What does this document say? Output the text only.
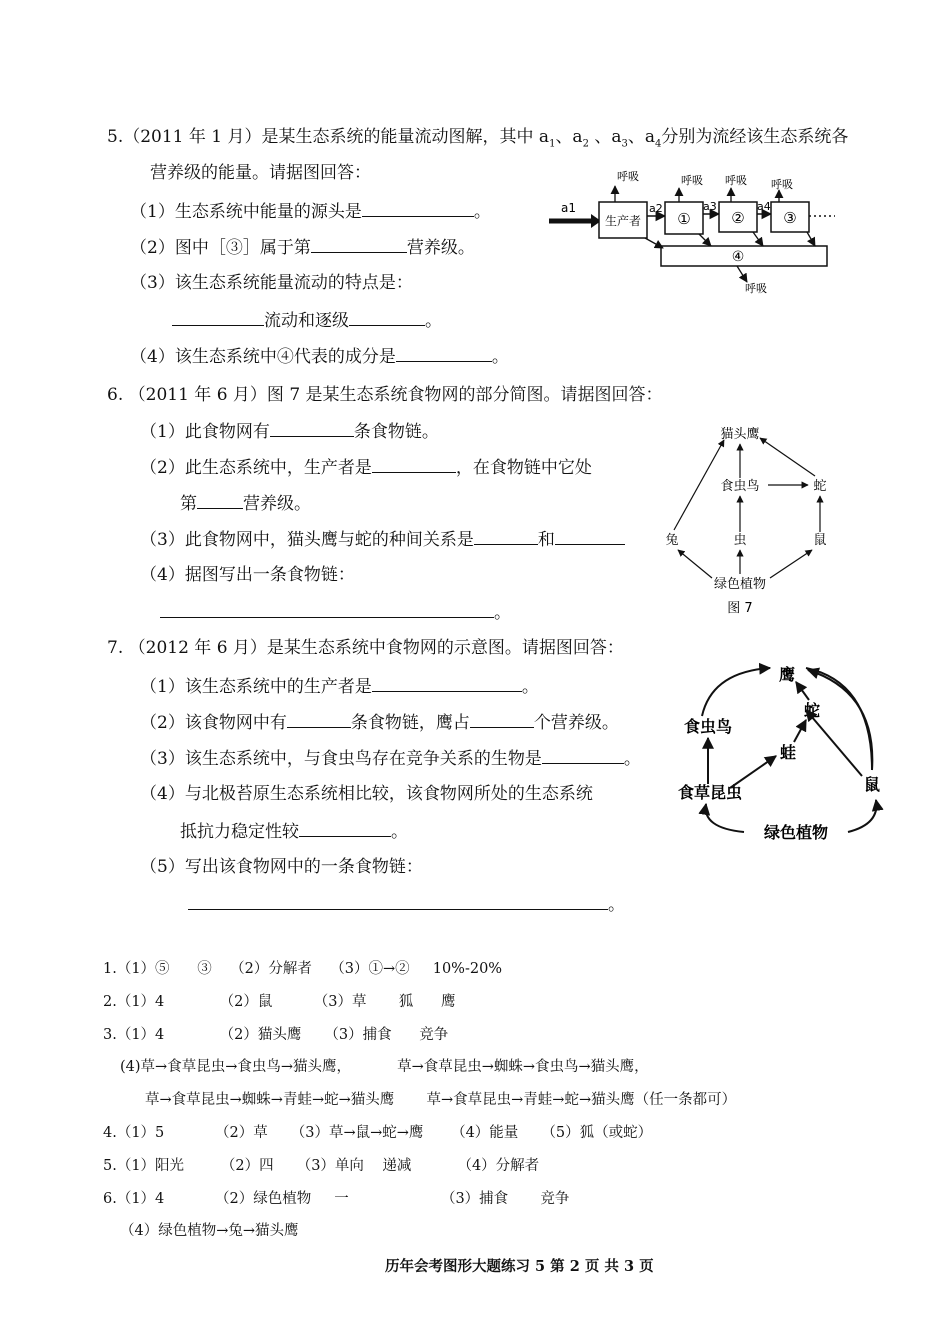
5.（2011 年 1 月）是某生态系统的能量流动图解，其中 $a_1$、$a_2$ 、$a_3$、$a_4$分别为流经该生态系统各
营养级的能量。请据图回答：
（1）生态系统中能量的源头是	。
（2）图中［③］属于第	营养级。
（3）该生态系统能量流动的特点是：
流动和逐级	。
（4）该生态系统中④代表的成分是	。
a1
生产者
a2
①
a3
②
a4
③
呼吸	呼吸 呼吸 呼吸
④
呼吸
6. （2011 年 6 月）图 7 是某生态系统食物网的部分简图。请据图回答：
（1）此食物网有	条食物链。
（2）此生态系统中，生产者是	，在食物链中它处
第	营养级。
（3）此食物网中，猫头鹰与蛇的种间关系是	和
（4）据图写出一条食物链：
。
猫头鹰
食虫鸟	蛇
兔	虫	鼠
绿色植物
图 7
7. （2012 年 6 月）是某生态系统中食物网的示意图。请据图回答：
（1）该生态系统中的生产者是	。
（2）该食物网中有	条食物链，鹰占	个营养级。
（3）该生态系统中，与食虫鸟存在竞争关系的生物是	。
（4）与北极苔原生态系统相比较，该食物网所处的生态系统
抵抗力稳定性较	。
（5）写出该食物网中的一条食物链：
。
鹰
蛇
食虫鸟
蛙
食草昆虫	鼠
绿色植物
1.（1）⑤      ③    （2）分解者    （3）①→②     10%-20%
2.（1）4            （2）鼠         （3）草       狐      鹰
3.（1）4            （2）猫头鹰     （3）捕食      竞争
(4)草→食草昆虫→食虫鸟→猫头鹰，          草→食草昆虫→蜘蛛→食虫鸟→猫头鹰，
草→食草昆虫→蜘蛛→青蛙→蛇→猫头鹰       草→食草昆虫→青蛙→蛇→猫头鹰（任一条都可）
4.（1）5           （2）草     （3）草→鼠→蛇→鹰      （4）能量     （5）狐（或蛇）
5.（1）阳光        （2）四     （3）单向    递减          （4）分解者
6.（1）4           （2）绿色植物     一                    （3）捕食       竞争
（4）绿色植物→兔→猫头鹰
历年会考图形大题练习 5 第 2 页 共 3 页
